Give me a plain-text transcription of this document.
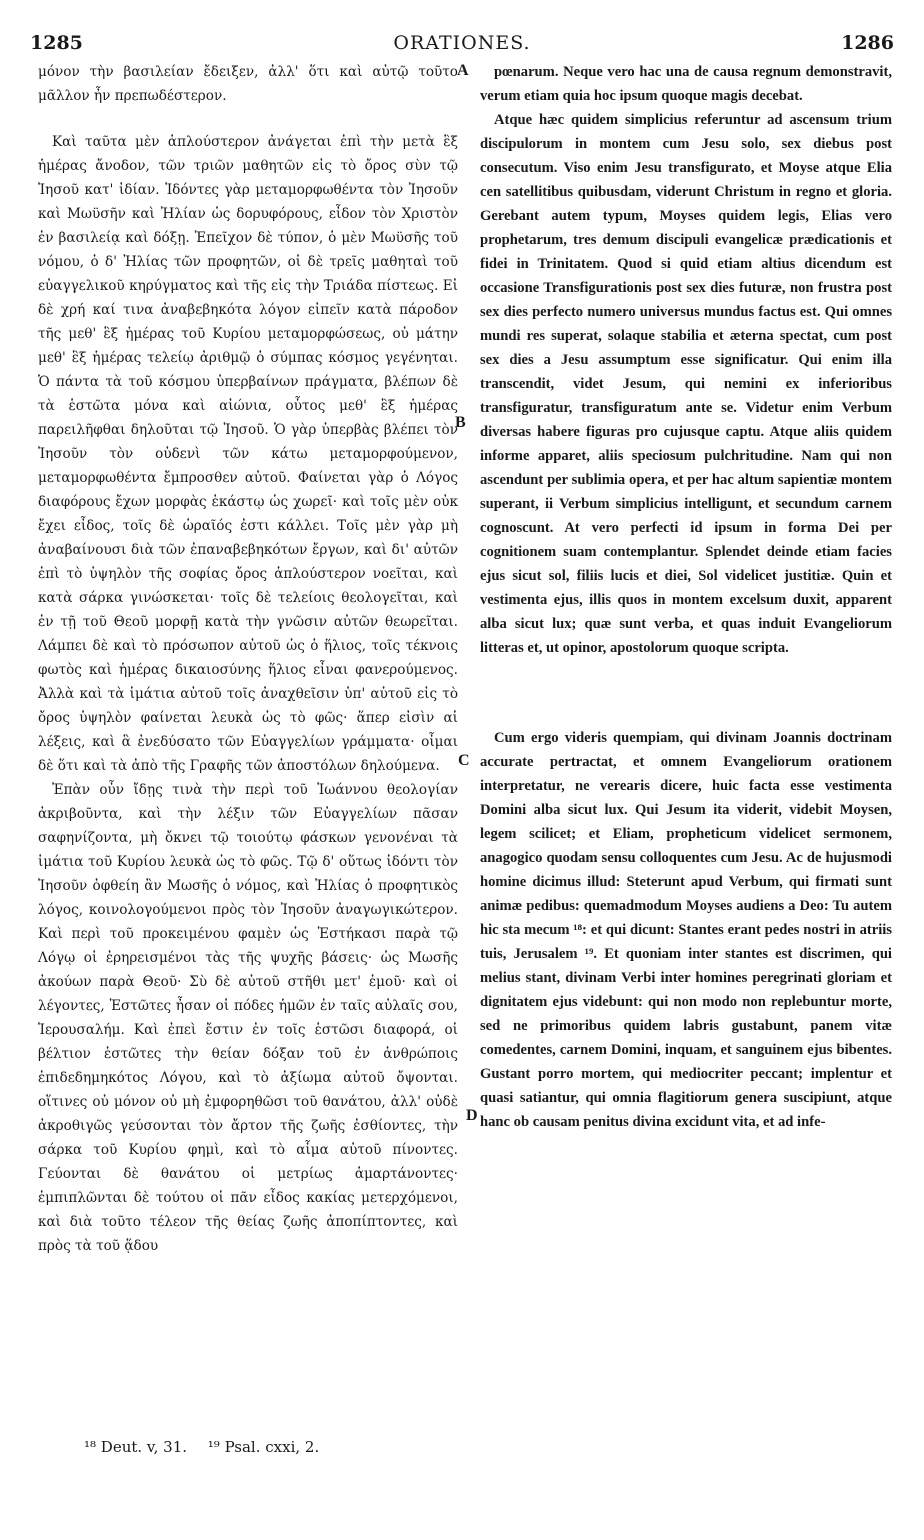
1285	ORATIONES.	1286

μόνον τὴν βασιλείαν ἔδειξεν, ἀλλ' ὅτι καὶ αὐτῷ τοῦτο μᾶλλον ἦν πρεπωδέστερον.

Καὶ ταῦτα μὲν ἁπλούστερον ἀνάγεται ἐπὶ τὴν μετὰ ἓξ ἡμέρας ἄνοδον, τῶν τριῶν μαθητῶν εἰς τὸ ὄρος σὺν τῷ Ἰησοῦ κατ' ἰδίαν. Ἰδόντες γὰρ μεταμορφωθέντα τὸν Ἰησοῦν καὶ Μωϋσῆν καὶ Ἠλίαν ὡς δορυφόρους, εἶδον τὸν Χριστὸν ἐν βασιλείᾳ καὶ δόξῃ. Ἐπεῖχον δὲ τύπον, ὁ μὲν Μωϋσῆς τοῦ νόμου, ὁ δ' Ἠλίας τῶν προφητῶν, οἱ δὲ τρεῖς μαθηταὶ τοῦ εὐαγγελικοῦ κηρύγματος καὶ τῆς εἰς τὴν Τριάδα πίστεως. Εἰ δὲ χρή καί τινα ἀναβεβηκότα λόγον εἰπεῖν κατὰ πάροδον τῆς μεθ' ἓξ ἡμέρας τοῦ Κυρίου μεταμορφώσεως, οὐ μάτην μεθ' ἓξ ἡμέρας τελείῳ ἀριθμῷ ὁ σύμπας κόσμος γεγένηται. Ὁ πάντα τὰ τοῦ κόσμου ὑπερβαίνων πράγματα, βλέπων δὲ τὰ ἑστῶτα μόνα καὶ αἰώνια, οὗτος μεθ' ἓξ ἡμέρας παρειλῆφθαι δηλοῦται τῷ Ἰησοῦ. Ὁ γὰρ ὑπερβὰς βλέπει τὸν Ἰησοῦν τὸν οὐδενὶ τῶν κάτω μεταμορφούμενον, μεταμορφωθέντα ἔμπροσθεν αὐτοῦ. Φαίνεται γὰρ ὁ Λόγος διαφόρους ἔχων μορφὰς ἑκάστῳ ὡς χωρεῖ· καὶ τοῖς μὲν οὐκ ἔχει εἶδος, τοῖς δὲ ὡραῖός ἐστι κάλλει. Τοῖς μὲν γὰρ μὴ ἀναβαίνουσι διὰ τῶν ἐπαναβεβηκότων ἔργων, καὶ δι' αὐτῶν ἐπὶ τὸ ὑψηλὸν τῆς σοφίας ὄρος ἁπλούστερον νοεῖται, καὶ κατὰ σάρκα γινώσκεται· τοῖς δὲ τελείοις θεολογεῖται, καὶ ἐν τῇ τοῦ Θεοῦ μορφῇ κατὰ τὴν γνῶσιν αὐτῶν θεωρεῖται. Λάμπει δὲ καὶ τὸ πρόσωπον αὐτοῦ ὡς ὁ ἥλιος, τοῖς τέκνοις φωτὸς καὶ ἡμέρας δικαιοσύνης ἥλιος εἶναι φανερούμενος. Ἀλλὰ καὶ τὰ ἱμάτια αὐτοῦ τοῖς ἀναχθεῖσιν ὑπ' αὐτοῦ εἰς τὸ ὄρος ὑψηλὸν φαίνεται λευκὰ ὡς τὸ φῶς· ἅπερ εἰσὶν αἱ λέξεις, καὶ ἃ ἐνεδύσατο τῶν Εὐαγγελίων γράμματα· οἶμαι δὲ ὅτι καὶ τὰ ἀπὸ τῆς Γραφῆς τῶν ἀποστόλων δηλούμενα.

Ἐπὰν οὖν ἴδῃς τινὰ τὴν περὶ τοῦ Ἰωάννου θεολογίαν ἀκριβοῦντα, καὶ τὴν λέξιν τῶν Εὐαγγελίων πᾶσαν σαφηνίζοντα, μὴ ὄκνει τῷ τοιούτῳ φάσκων γενονέναι τὰ ἱμάτια τοῦ Κυρίου λευκὰ ὡς τὸ φῶς. Τῷ δ' οὕτως ἰδόντι τὸν Ἰησοῦν ὀφθείη ἂν Μωσῆς ὁ νόμος, καὶ Ἠλίας ὁ προφητικὸς λόγος, κοινολογούμενοι πρὸς τὸν Ἰησοῦν ἀναγωγικώτερον. Καὶ περὶ τοῦ προκειμένου φαμὲν ὡς Ἑστήκασι παρὰ τῷ Λόγῳ οἱ ἐρηρεισμένοι τὰς τῆς ψυχῆς βάσεις· ὡς Μωσῆς ἀκούων παρὰ Θεοῦ· Σὺ δὲ αὐτοῦ στῆθι μετ' ἐμοῦ· καὶ οἱ λέγοντες, Ἑστῶτες ἦσαν οἱ πόδες ἡμῶν ἐν ταῖς αὐλαῖς σου, Ἱερουσαλήμ. Καὶ ἐπεὶ ἔστιν ἐν τοῖς ἑστῶσι διαφορά, οἱ βέλτιον ἑστῶτες τὴν θείαν δόξαν τοῦ ἐν ἀνθρώποις ἐπιδεδημηκότος Λόγου, καὶ τὸ ἀξίωμα αὐτοῦ ὄψονται. οἵτινες οὐ μόνον οὐ μὴ ἐμφορηθῶσι τοῦ θανάτου, ἀλλ' οὐδὲ ἀκροθιγῶς γεύσονται τὸν ἄρτον τῆς ζωῆς ἐσθίοντες, τὴν σάρκα τοῦ Κυρίου φημὶ, καὶ τὸ αἷμα αὐτοῦ πίνοντες. Γεύονται δὲ θανάτου οἱ μετρίως ἁμαρτάνοντες· ἐμπιπλῶνται δὲ τούτου οἱ πᾶν εἶδος κακίας μετερχόμενοι, καὶ διὰ τοῦτο τέλεον τῆς θείας ζωῆς ἀποπίπτοντες, καὶ πρὸς τὰ τοῦ ᾅδου

A
B
C
D

pœnarum. Neque vero hac una de causa regnum demonstravit, verum etiam quia hoc ipsum quoque magis decebat.

Atque hæc quidem simplicius referuntur ad ascensum trium discipulorum in montem cum Jesu solo, sex diebus post consecutum. Viso enim Jesu transfigurato, et Moyse atque Elia cen satellitibus quibusdam, viderunt Christum in regno et gloria. Gerebant autem typum, Moyses quidem legis, Elias vero prophetarum, tres demum discipuli evangelicæ prædicationis et fidei in Trinitatem. Quod si quid etiam altius dicendum est occasione Transfigurationis post sex dies futuræ, non frustra post sex dies perfecto numero universus mundus factus est. Qui omnes mundi res superat, solaque stabilia et æterna spectat, cum post sex dies a Jesu assumptum esse significatur. Qui enim illa transcendit, videt Jesum, qui nemini ex inferioribus transfiguratur, transfiguratum ante se. Videtur enim Verbum diversas habere figuras pro cujusque captu. Atque aliis quidem informe apparet, aliis speciosum pulchritudine. Nam qui non ascendunt per sublimia opera, et per hac altum sapientiæ montem superant, ii Verbum simplicius intelligunt, et secundum carnem cognoscunt. At vero perfecti id ipsum in forma Dei per cognitionem suam contemplantur. Splendet deinde etiam facies ejus sicut sol, filiis lucis et diei, Sol videlicet justitiæ. Quin et vestimenta ejus, illis quos in montem excelsum duxit, apparent alba sicut lux; quæ sunt verba, et quas induit Evangeliorum litteras et, ut opinor, apostolorum quoque scripta.

Cum ergo videris quempiam, qui divinam Joannis doctrinam accurate pertractat, et omnem Evangeliorum orationem interpretatur, ne verearis dicere, huic facta esse vestimenta Domini alba sicut lux. Qui Jesum ita viderit, videbit Moysen, legem scilicet; et Eliam, propheticum videlicet sermonem, anagogico quodam sensu colloquentes cum Jesu. Ac de hujusmodi homine dicimus illud: Steterunt apud Verbum, qui firmati sunt animæ pedibus: quemadmodum Moyses audiens a Deo: Tu autem hic sta mecum ¹⁸: et qui dicunt: Stantes erant pedes nostri in atriis tuis, Jerusalem ¹⁹. Et quoniam inter stantes est discrimen, qui melius stant, divinam Verbi inter homines peregrinati gloriam et dignitatem ejus videbunt: qui non modo non replebuntur morte, sed ne primoribus quidem labris gustabunt, panem vitæ comedentes, carnem Domini, inquam, et sanguinem ejus bibentes. Gustant porro mortem, qui mediocriter peccant; implentur et quasi satiantur, qui omnia flagitiorum genera suscipiunt, atque hanc ob causam penitus divina excidunt vita, et ad infe-

¹⁸ Deut. v, 31. ¹⁹ Psal. cxxi, 2.
